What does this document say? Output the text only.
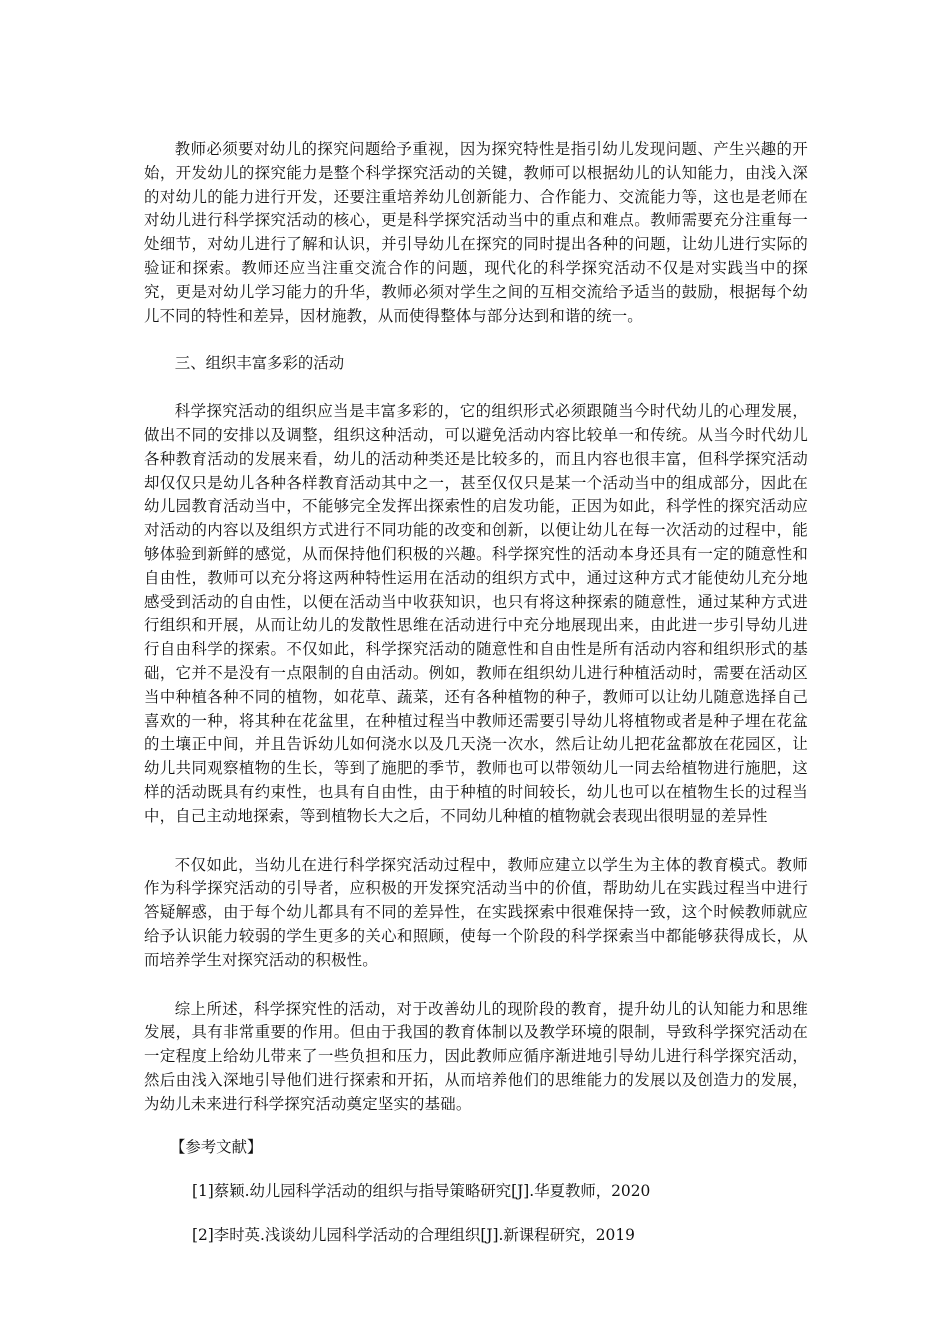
教师必须要对幼儿的探究问题给予重视，因为探究特性是指引幼儿发现问题、产生兴趣的开始，开发幼儿的探究能力是整个科学探究活动的关键，教师可以根据幼儿的认知能力，由浅入深的对幼儿的能力进行开发，还要注重培养幼儿创新能力、合作能力、交流能力等，这也是老师在对幼儿进行科学探究活动的核心，更是科学探究活动当中的重点和难点。教师需要充分注重每一处细节，对幼儿进行了解和认识，并引导幼儿在探究的同时提出各种的问题，让幼儿进行实际的验证和探索。教师还应当注重交流合作的问题，现代化的科学探究活动不仅是对实践当中的探究，更是对幼儿学习能力的升华，教师必须对学生之间的互相交流给予适当的鼓励，根据每个幼儿不同的特性和差异，因材施教，从而使得整体与部分达到和谐的统一。

三、组织丰富多彩的活动

科学探究活动的组织应当是丰富多彩的，它的组织形式必须跟随当今时代幼儿的心理发展，做出不同的安排以及调整，组织这种活动，可以避免活动内容比较单一和传统。从当今时代幼儿各种教育活动的发展来看，幼儿的活动种类还是比较多的，而且内容也很丰富，但科学探究活动却仅仅只是幼儿各种各样教育活动其中之一，甚至仅仅只是某一个活动当中的组成部分，因此在幼儿园教育活动当中，不能够完全发挥出探索性的启发功能，正因为如此，科学性的探究活动应对活动的内容以及组织方式进行不同功能的改变和创新，以便让幼儿在每一次活动的过程中，能够体验到新鲜的感觉，从而保持他们积极的兴趣。科学探究性的活动本身还具有一定的随意性和自由性，教师可以充分将这两种特性运用在活动的组织方式中，通过这种方式才能使幼儿充分地感受到活动的自由性，以便在活动当中收获知识，也只有将这种探索的随意性，通过某种方式进行组织和开展，从而让幼儿的发散性思维在活动进行中充分地展现出来，由此进一步引导幼儿进行自由科学的探索。不仅如此，科学探究活动的随意性和自由性是所有活动内容和组织形式的基础，它并不是没有一点限制的自由活动。例如，教师在组织幼儿进行种植活动时，需要在活动区当中种植各种不同的植物，如花草、蔬菜，还有各种植物的种子，教师可以让幼儿随意选择自己喜欢的一种，将其种在花盆里，在种植过程当中教师还需要引导幼儿将植物或者是种子埋在花盆的土壤正中间，并且告诉幼儿如何浇水以及几天浇一次水，然后让幼儿把花盆都放在花园区，让幼儿共同观察植物的生长，等到了施肥的季节，教师也可以带领幼儿一同去给植物进行施肥，这样的活动既具有约束性，也具有自由性，由于种植的时间较长，幼儿也可以在植物生长的过程当中，自己主动地探索，等到植物长大之后，不同幼儿种植的植物就会表现出很明显的差异性

不仅如此，当幼儿在进行科学探究活动过程中，教师应建立以学生为主体的教育模式。教师作为科学探究活动的引导者，应积极的开发探究活动当中的价值，帮助幼儿在实践过程当中进行答疑解惑，由于每个幼儿都具有不同的差异性，在实践探索中很难保持一致，这个时候教师就应给予认识能力较弱的学生更多的关心和照顾，使每一个阶段的科学探索当中都能够获得成长，从而培养学生对探究活动的积极性。

综上所述，科学探究性的活动，对于改善幼儿的现阶段的教育，提升幼儿的认知能力和思维发展，具有非常重要的作用。但由于我国的教育体制以及教学环境的限制，导致科学探究活动在一定程度上给幼儿带来了一些负担和压力，因此教师应循序渐进地引导幼儿进行科学探究活动，然后由浅入深地引导他们进行探索和开拓，从而培养他们的思维能力的发展以及创造力的发展，为幼儿未来进行科学探究活动奠定坚实的基础。

【参考文献】

[1]蔡颖.幼儿园科学活动的组织与指导策略研究[J].华夏教师，2020

[2]李时英.浅谈幼儿园科学活动的合理组织[J].新课程研究，2019
